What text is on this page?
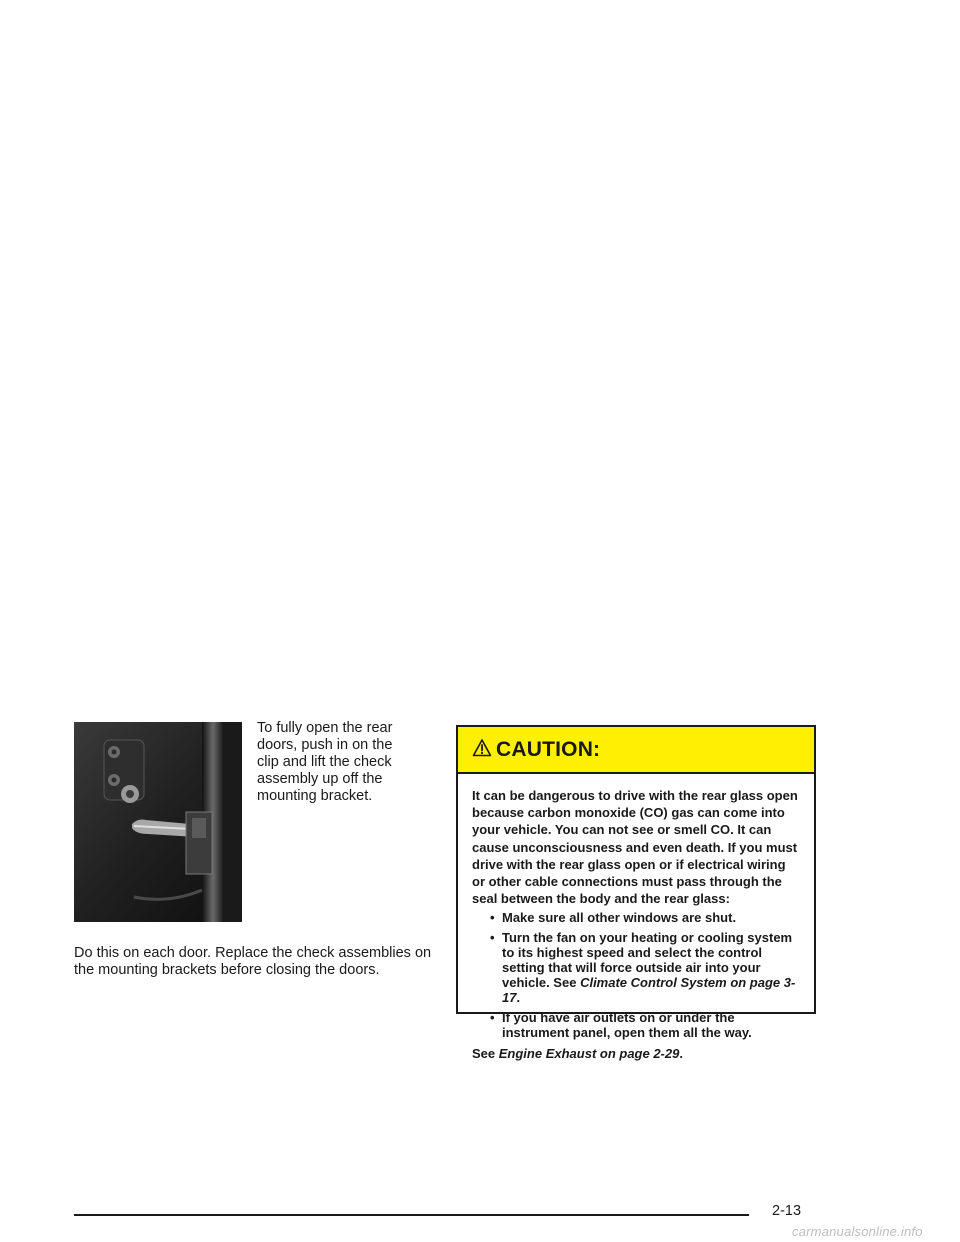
To fully open the rear doors, push in on the clip and lift the check assembly up off the mounting bracket.

Do this on each door. Replace the check assemblies on the mounting brackets before closing the doors.

CAUTION:

It can be dangerous to drive with the rear glass open because carbon monoxide (CO) gas can come into your vehicle. You can not see or smell CO. It can cause unconsciousness and even death. If you must drive with the rear glass open or if electrical wiring or other cable connections must pass through the seal between the body and the rear glass:

• Make sure all other windows are shut.
• Turn the fan on your heating or cooling system to its highest speed and select the control setting that will force outside air into your vehicle. See Climate Control System on page 3-17.
• If you have air outlets on or under the instrument panel, open them all the way.

See Engine Exhaust on page 2-29.

2-13
carmanualsonline.info
